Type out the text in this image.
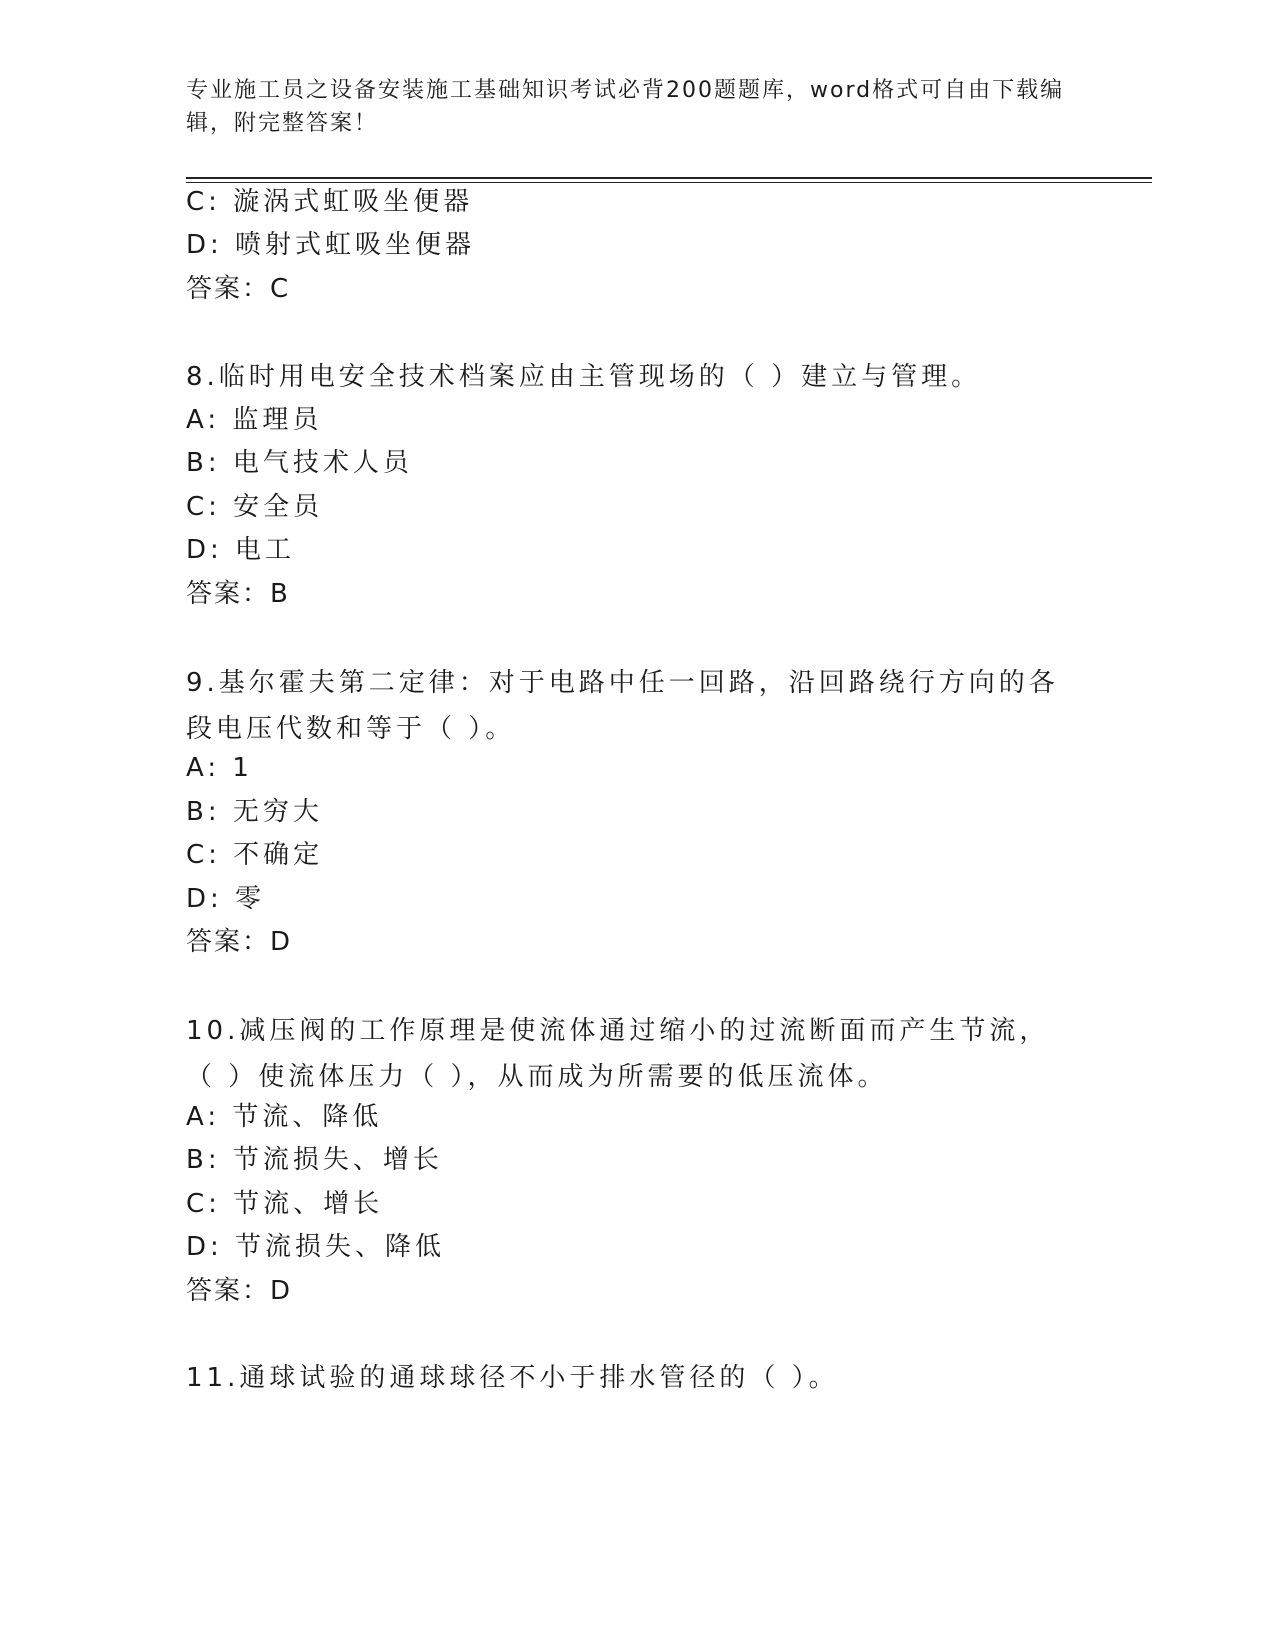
专业施工员之设备安装施工基础知识考试必背200题题库，word格式可自由下载编辑，附完整答案！
C: 漩涡式虹吸坐便器
D: 喷射式虹吸坐便器
答案：C
8.临时用电安全技术档案应由主管现场的（ ）建立与管理。
A: 监理员
B: 电气技术人员
C: 安全员
D: 电工
答案：B
9.基尔霍夫第二定律：对于电路中任一回路，沿回路绕行方向的各段电压代数和等于（ ）。
A: 1
B: 无穷大
C: 不确定
D: 零
答案：D
10.减压阀的工作原理是使流体通过缩小的过流断面而产生节流，（ ）使流体压力（ ），从而成为所需要的低压流体。
A: 节流、降低
B: 节流损失、增长
C: 节流、增长
D: 节流损失、降低
答案：D
11.通球试验的通球球径不小于排水管径的（ ）。
